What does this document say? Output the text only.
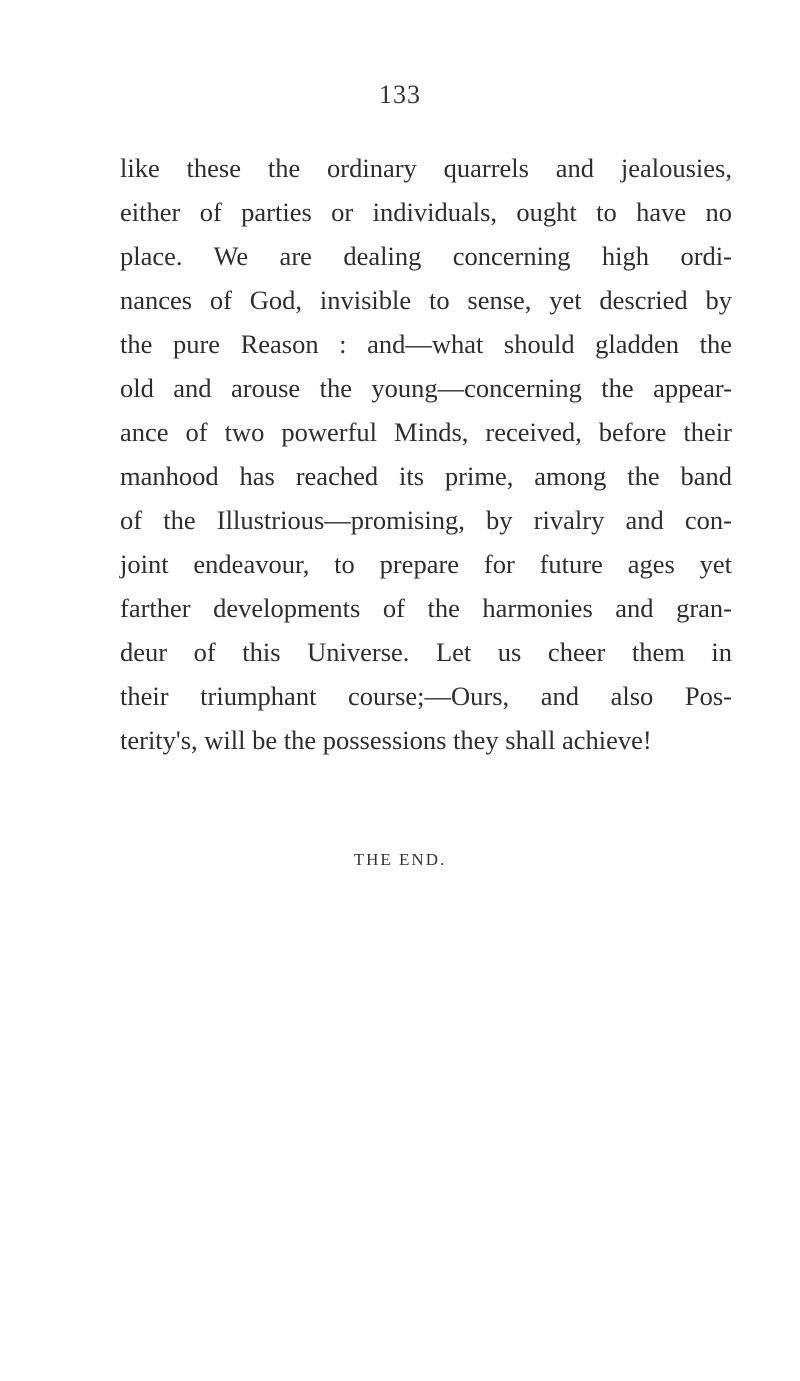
133
like these the ordinary quarrels and jealousies,
either of parties or individuals, ought to have no
place. We are dealing concerning high ordi-
nances of God, invisible to sense, yet descried by
the pure Reason : and—what should gladden the
old and arouse the young—concerning the appear-
ance of two powerful Minds, received, before their
manhood has reached its prime, among the band
of the Illustrious—promising, by rivalry and con-
joint endeavour, to prepare for future ages yet
farther developments of the harmonies and gran-
deur of this Universe. Let us cheer them in
their triumphant course;—Ours, and also Pos-
terity's, will be the possessions they shall achieve!
THE END.
